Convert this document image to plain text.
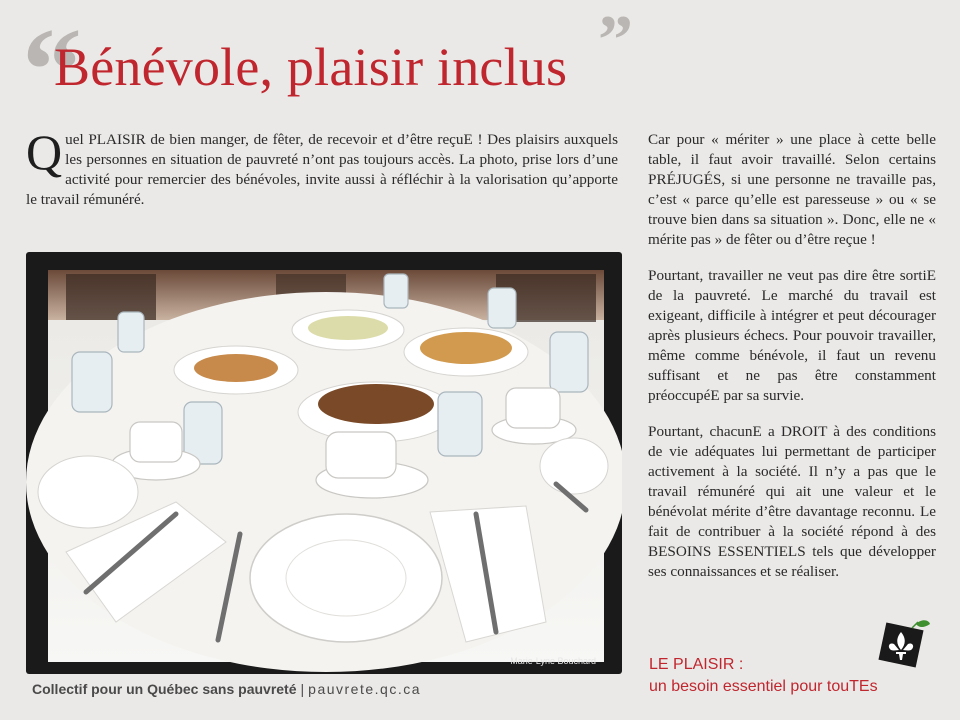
“
Bénévole, plaisir inclus ”

Quel PLAISIR de bien manger, de fêter, de recevoir et d’être reçuE ! Des plaisirs auxquels les personnes en situation de pauvreté n’ont pas toujours accès. La photo, prise lors d’une activité pour remercier des bénévoles, invite aussi à réfléchir à la valorisation qu’apporte le travail rémunéré.

Marie-Lyne Bouchard

Car pour « mériter » une place à cette belle table, il faut avoir travaillé. Selon certains PRÉJUGÉS, si une personne ne travaille pas, c’est « parce qu’elle est paresseuse » ou « se trouve bien dans sa situation ». Donc, elle ne « mérite pas » de fêter ou d’être reçue !

Pourtant, travailler ne veut pas dire être sortiE de la pauvreté. Le marché du travail est exigeant, difficile à intégrer et peut décourager après plusieurs échecs. Pour pouvoir travailler, même comme bénévole, il faut un revenu suffisant et ne pas être constamment préoccupéE par sa survie.

Pourtant, chacunE a DROIT à des conditions de vie adéquates lui permettant de participer activement à la société. Il n’y a pas que le travail rémunéré qui ait une valeur et le bénévolat mérite d’être davantage reconnu. Le fait de contribuer à la société répond à des BESOINS ESSENTIELS tels que développer ses connaissances et se réaliser.

Collectif pour un Québec sans pauvreté | pauvrete.qc.ca
LE PLAISIR :
un besoin essentiel pour touTEs
